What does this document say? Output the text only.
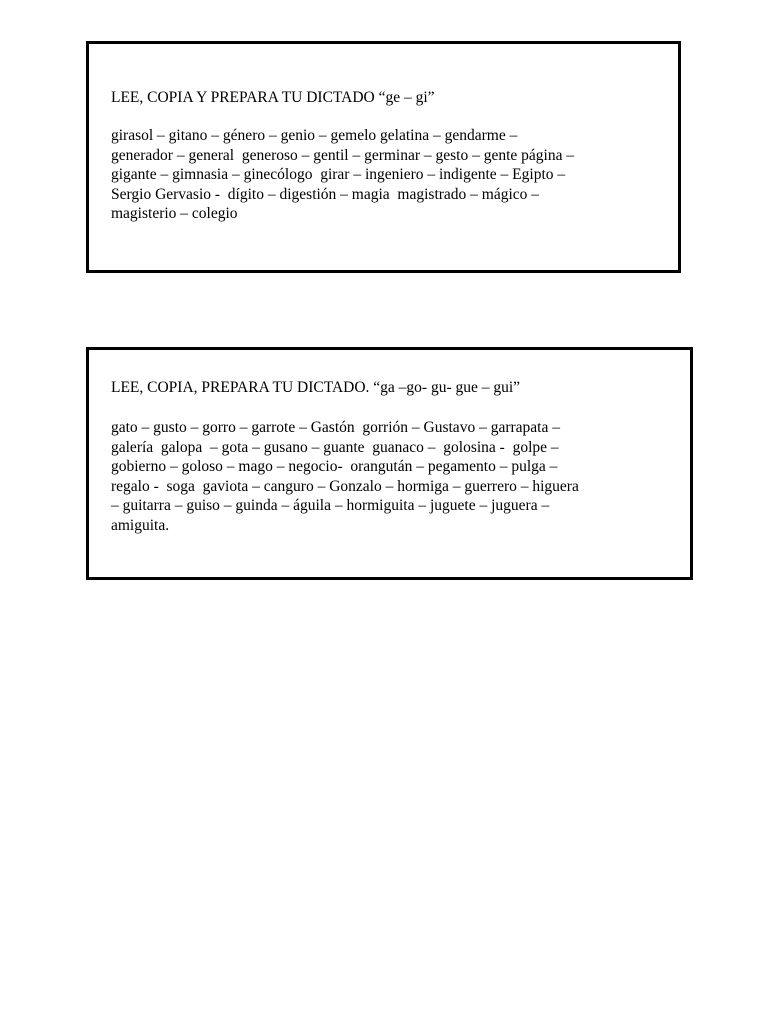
LEE, COPIA Y PREPARA TU DICTADO “ge – gi”
girasol – gitano – género – genio – gemelo gelatina – gendarme –
generador – general  generoso – gentil – germinar – gesto – gente página –
gigante – gimnasia – ginecólogo  girar – ingeniero – indigente – Egipto –
Sergio Gervasio -  dígito – digestión – magia  magistrado – mágico –
magisterio – colegio
LEE, COPIA, PREPARA TU DICTADO. “ga –go- gu- gue – gui”
gato – gusto – gorro – garrote – Gastón  gorrión – Gustavo – garrapata –
galería  galopa  – gota – gusano – guante  guanaco –  golosina -  golpe –
gobierno – goloso – mago – negocio-  orangután – pegamento – pulga –
regalo -  soga  gaviota – canguro – Gonzalo – hormiga – guerrero – higuera
– guitarra – guiso – guinda – águila – hormiguita – juguete – juguera –
amiguita.
